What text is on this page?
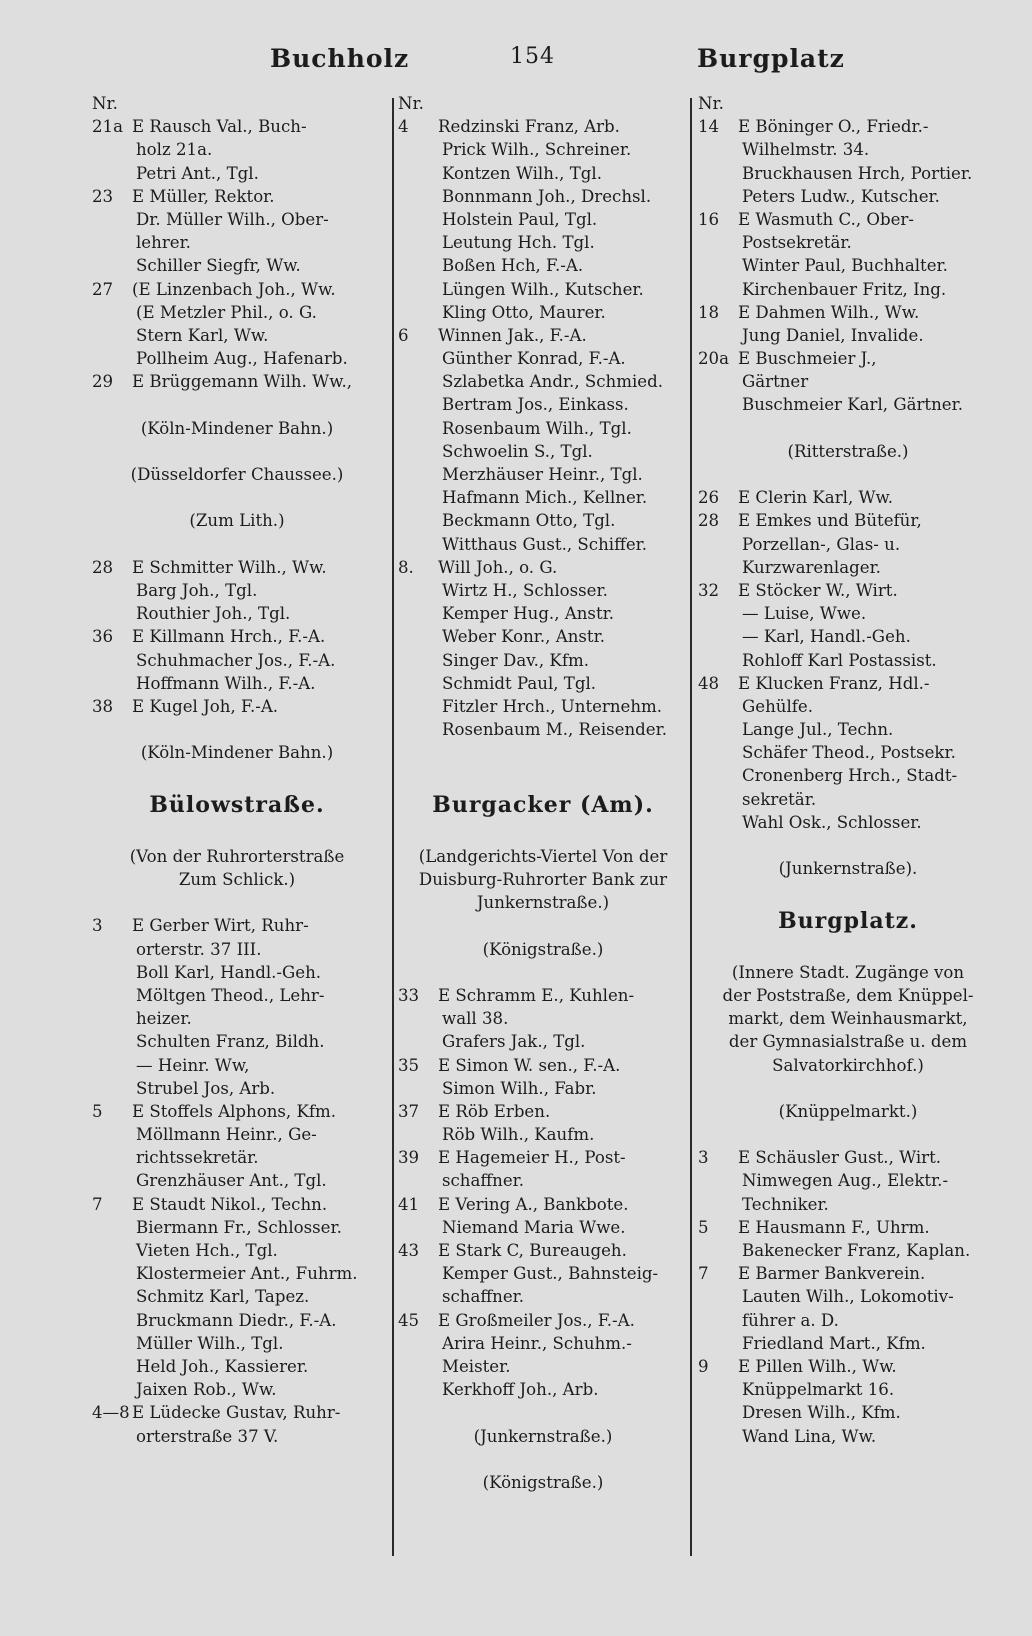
Buchholz	154	Burgplatz
Nr.
21a E Rausch Val., Buch-
holz 21a.
Petri Ant., Tgl.
23 E Müller, Rektor.
Dr. Müller Wilh., Ober-
lehrer.
Schiller Siegfr, Ww.
27 (E Linzenbach Joh., Ww.
(E Metzler Phil., o. G.
Stern Karl, Ww.
Pollheim Aug., Hafenarb.
29 E Brüggemann Wilh. Ww.,
(Köln-Mindener Bahn.)
(Düsseldorfer Chaussee.)
(Zum Lith.)
28 E Schmitter Wilh., Ww.
Barg Joh., Tgl.
Routhier Joh., Tgl.
36 E Killmann Hrch., F.-A.
Schuhmacher Jos., F.-A.
Hoffmann Wilh., F.-A.
38 E Kugel Joh, F.-A.
(Köln-Mindener Bahn.)
Bülowstraße.
(Von der Ruhrorterstraße
Zum Schlick.)
3 E Gerber Wirt, Ruhr-
orterstr. 37 III.
Boll Karl, Handl.-Geh.
Möltgen Theod., Lehr-
heizer.
Schulten Franz, Bildh.
— Heinr. Ww,
Strubel Jos, Arb.
5 E Stoffels Alphons, Kfm.
Möllmann Heinr., Ge-
richtssekretär.
Grenzhäuser Ant., Tgl.
7 E Staudt Nikol., Techn.
Biermann Fr., Schlosser.
Vieten Hch., Tgl.
Klostermeier Ant., Fuhrm.
Schmitz Karl, Tapez.
Bruckmann Diedr., F.-A.
Müller Wilh., Tgl.
Held Joh., Kassierer.
Jaixen Rob., Ww.
4—8 E Lüdecke Gustav, Ruhr-
orterstraße 37 V.
Nr.
4 Redzinski Franz, Arb.
Prick Wilh., Schreiner.
Kontzen Wilh., Tgl.
Bonnmann Joh., Drechsl.
Holstein Paul, Tgl.
Leutung Hch. Tgl.
Boßen Hch, F.-A.
Lüngen Wilh., Kutscher.
Kling Otto, Maurer.
6 Winnen Jak., F.-A.
Günther Konrad, F.-A.
Szlabetka Andr., Schmied.
Bertram Jos., Einkass.
Rosenbaum Wilh., Tgl.
Schwoelin S., Tgl.
Merzhäuser Heinr., Tgl.
Hafmann Mich., Kellner.
Beckmann Otto, Tgl.
Witthaus Gust., Schiffer.
8. Will Joh., o. G.
Wirtz H., Schlosser.
Kemper Hug., Anstr.
Weber Konr., Anstr.
Singer Dav., Kfm.
Schmidt Paul, Tgl.
Fitzler Hrch., Unternehm.
Rosenbaum M., Reisender.
Burgacker (Am).
(Landgerichts-Viertel Von der
Duisburg-Ruhrorter Bank zur
Junkernstraße.)
(Königstraße.)
33 E Schramm E., Kuhlen-
wall 38.
Grafers Jak., Tgl.
35 E Simon W. sen., F.-A.
Simon Wilh., Fabr.
37 E Röb Erben.
Röb Wilh., Kaufm.
39 E Hagemeier H., Post-
schaffner.
41 E Vering A., Bankbote.
Niemand Maria Wwe.
43 E Stark C, Bureaugeh.
Kemper Gust., Bahnsteig-
schaffner.
45 E Großmeiler Jos., F.-A.
Arira Heinr., Schuhm.-
Meister.
Kerkhoff Joh., Arb.
(Junkernstraße.)
(Königstraße.)
Nr.
14 E Böninger O., Friedr.-
Wilhelmstr. 34.
Bruckhausen Hrch, Portier.
Peters Ludw., Kutscher.
16 E Wasmuth C., Ober-
Postsekretär.
Winter Paul, Buchhalter.
Kirchenbauer Fritz, Ing.
18 E Dahmen Wilh., Ww.
Jung Daniel, Invalide.
20a E Buschmeier J.,
Gärtner
Buschmeier Karl, Gärtner.
(Ritterstraße.)
26 E Clerin Karl, Ww.
28 E Emkes und Bütefür,
Porzellan-, Glas- u.
Kurzwarenlager.
32 E Stöcker W., Wirt.
— Luise, Wwe.
— Karl, Handl.-Geh.
Rohloff Karl Postassist.
48 E Klucken Franz, Hdl.-
Gehülfe.
Lange Jul., Techn.
Schäfer Theod., Postsekr.
Cronenberg Hrch., Stadt-
sekretär.
Wahl Osk., Schlosser.
(Junkernstraße).
Burgplatz.
(Innere Stadt. Zugänge von
der Poststraße, dem Knüppel-
markt, dem Weinhausmarkt,
der Gymnasialstraße u. dem
Salvatorkirchhof.)
(Knüppelmarkt.)
3 E Schäusler Gust., Wirt.
Nimwegen Aug., Elektr.-
Techniker.
5 E Hausmann F., Uhrm.
Bakenecker Franz, Kaplan.
7 E Barmer Bankverein.
Lauten Wilh., Lokomotiv-
führer a. D.
Friedland Mart., Kfm.
9 E Pillen Wilh., Ww.
Knüppelmarkt 16.
Dresen Wilh., Kfm.
Wand Lina, Ww.
